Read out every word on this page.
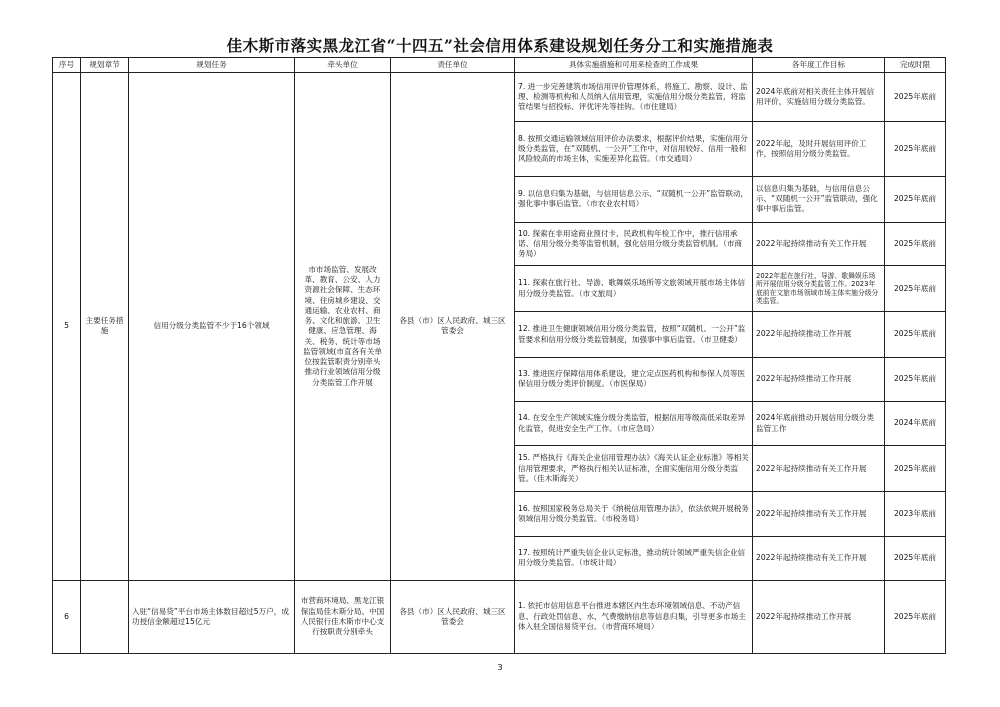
佳木斯市落实黑龙江省“十四五”社会信用体系建设规划任务分工和实施措施表
序号	规划章节	规划任务	牵头单位	责任单位	具体实施措施和可用来检查的工作成果	各年度工作目标	完成时限
5	主要任务措施	信用分级分类监管不少于16个领域	市市场监管、发展改革、教育、公安、人力资源社会保障、生态环境、住房城乡建设、交通运输、农业农村、商务、文化和旅游、卫生健康、应急管理、海关、税务、统计等市场监管领域(市直各有关单位按监管职责分别牵头推动行业领域信用分级分类监管工作开展	各县（市）区人民政府、城三区管委会	7. 进一步完善建筑市场信用评价管理体系，将施工、勘察、设计、监理、检测等机构和人员纳入信用管理，实施信用分级分类监管，将监管结果与招投标、评优评先等挂钩。（市住建局）	2024年底前对相关责任主体开展信用评价，实施信用分级分类监管。	2025年底前
					8. 按照交通运输领域信用评价办法要求，根据评价结果，实施信用分级分类监管，在“双随机、一公开”工作中，对信用较好、信用一般和风险较高的市场主体，实施差异化监管。（市交通局）	2022年起，及时开展信用评价工作，按照信用分级分类监管。	2025年底前
					9. 以信息归集为基础，与信用信息公示、“双随机一公开”监管联动，强化事中事后监管。（市农业农村局）	以信息归集为基础，与信用信息公示、“双随机一公开”监管联动，强化事中事后监管。	2025年底前
					10. 探索在非用途商业预付卡、民政机构年检工作中，推行信用承诺、信用分级分类等监管机制，强化信用分级分类监管机制。（市商务局）	2022年起持续推动有关工作开展	2025年底前
					11. 探索在旅行社、导游、歌舞娱乐场所等文旅领域开展市场主体信用分级分类监管。（市文旅局）	2022年起在旅行社、导游、歌舞娱乐场所开展信用分级分类监管工作。2023年底前在文旅市场领域市场主体实施分级分类监管。	2025年底前
					12. 推进卫生健康领域信用分级分类监管，按照“双随机、一公开”监管要求和信用分级分类监管制度，加强事中事后监管。（市卫健委）	2022年起持续推动工作开展	2025年底前
					13. 推进医疗保障信用体系建设，建立定点医药机构和参保人员等医保信用分级分类评价制度。（市医保局）	2022年起持续推动工作开展	2025年底前
					14. 在安全生产领域实施分级分类监管，根据信用等级高低采取差异化监管，促进安全生产工作。（市应急局）	2024年底前推动开展信用分级分类监管工作	2024年底前
					15. 严格执行《海关企业信用管理办法》《海关认证企业标准》等相关信用管理要求，严格执行相关认证标准，全面实施信用分级分类监管。（佳木斯海关）	2022年起持续推动有关工作开展	2025年底前
					16. 按照国家税务总局关于《纳税信用管理办法》，依法依规开展税务领域信用分级分类监管。（市税务局）	2022年起持续推动有关工作开展	2023年底前
					17. 按照统计严重失信企业认定标准，推动统计领域严重失信企业信用分级分类监管。（市统计局）	2022年起持续推动有关工作开展	2025年底前
6		入驻“信易贷”平台市场主体数目超过5万户，成功授信金额超过15亿元	市营商环境局、黑龙江银保监局佳木斯分局、中国人民银行佳木斯市中心支行按职责分别牵头	各县（市）区人民政府、城三区管委会	1. 依托市信用信息平台推进本辖区内生态环境领域信息、不动产信息、行政处罚信息、水、气费缴纳信息等信息归集，引导更多市场主体入驻全国信易贷平台。（市营商环境局）	2022年起持续推动工作开展	2025年底前
3
